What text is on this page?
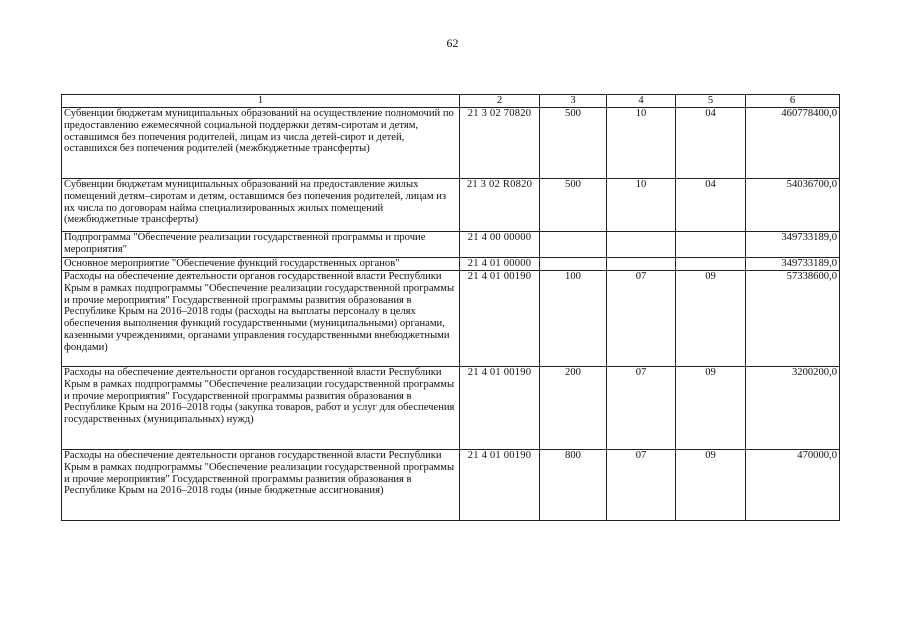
62
1	2	3	4	5	6
Субвенции бюджетам муниципальных образований на осуществление полномочий по предоставлению ежемесячной социальной поддержки детям-сиротам и детям, оставшимся без попечения родителей, лицам из числа детей-сирот и детей, оставшихся без попечения родителей (межбюджетные трансферты)	21 3 02 70820	500	10	04	460778400,0
Субвенции бюджетам муниципальных образований на предоставление жилых помещений детям–сиротам и детям, оставшимся без попечения родителей, лицам из их числа по договорам найма специализированных жилых помещений (межбюджетные трансферты)	21 3 02 R0820	500	10	04	54036700,0
Подпрограмма "Обеспечение реализации государственной программы и прочие мероприятия"	21 4 00 00000				349733189,0
Основное мероприятие "Обеспечение функций государственных органов"	21 4 01 00000				349733189,0
Расходы на обеспечение деятельности органов государственной власти Республики Крым в рамках подпрограммы "Обеспечение реализации государственной программы и прочие мероприятия" Государственной программы развития образования в Республике Крым на 2016–2018 годы (расходы на выплаты персоналу в целях обеспечения выполнения функций государственными (муниципальными) органами, казенными учреждениями, органами управления государственными внебюджетными фондами)	21 4 01 00190	100	07	09	57338600,0
Расходы на обеспечение деятельности органов государственной власти Республики Крым в рамках подпрограммы "Обеспечение реализации государственной программы и прочие мероприятия" Государственной программы развития образования в Республике Крым на 2016–2018 годы (закупка товаров, работ и услуг для обеспечения государственных (муниципальных) нужд)	21 4 01 00190	200	07	09	3200200,0
Расходы на обеспечение деятельности органов государственной власти Республики Крым в рамках подпрограммы "Обеспечение реализации государственной программы и прочие мероприятия" Государственной программы развития образования в Республике Крым на 2016–2018 годы (иные бюджетные ассигнования)	21 4 01 00190	800	07	09	470000,0
